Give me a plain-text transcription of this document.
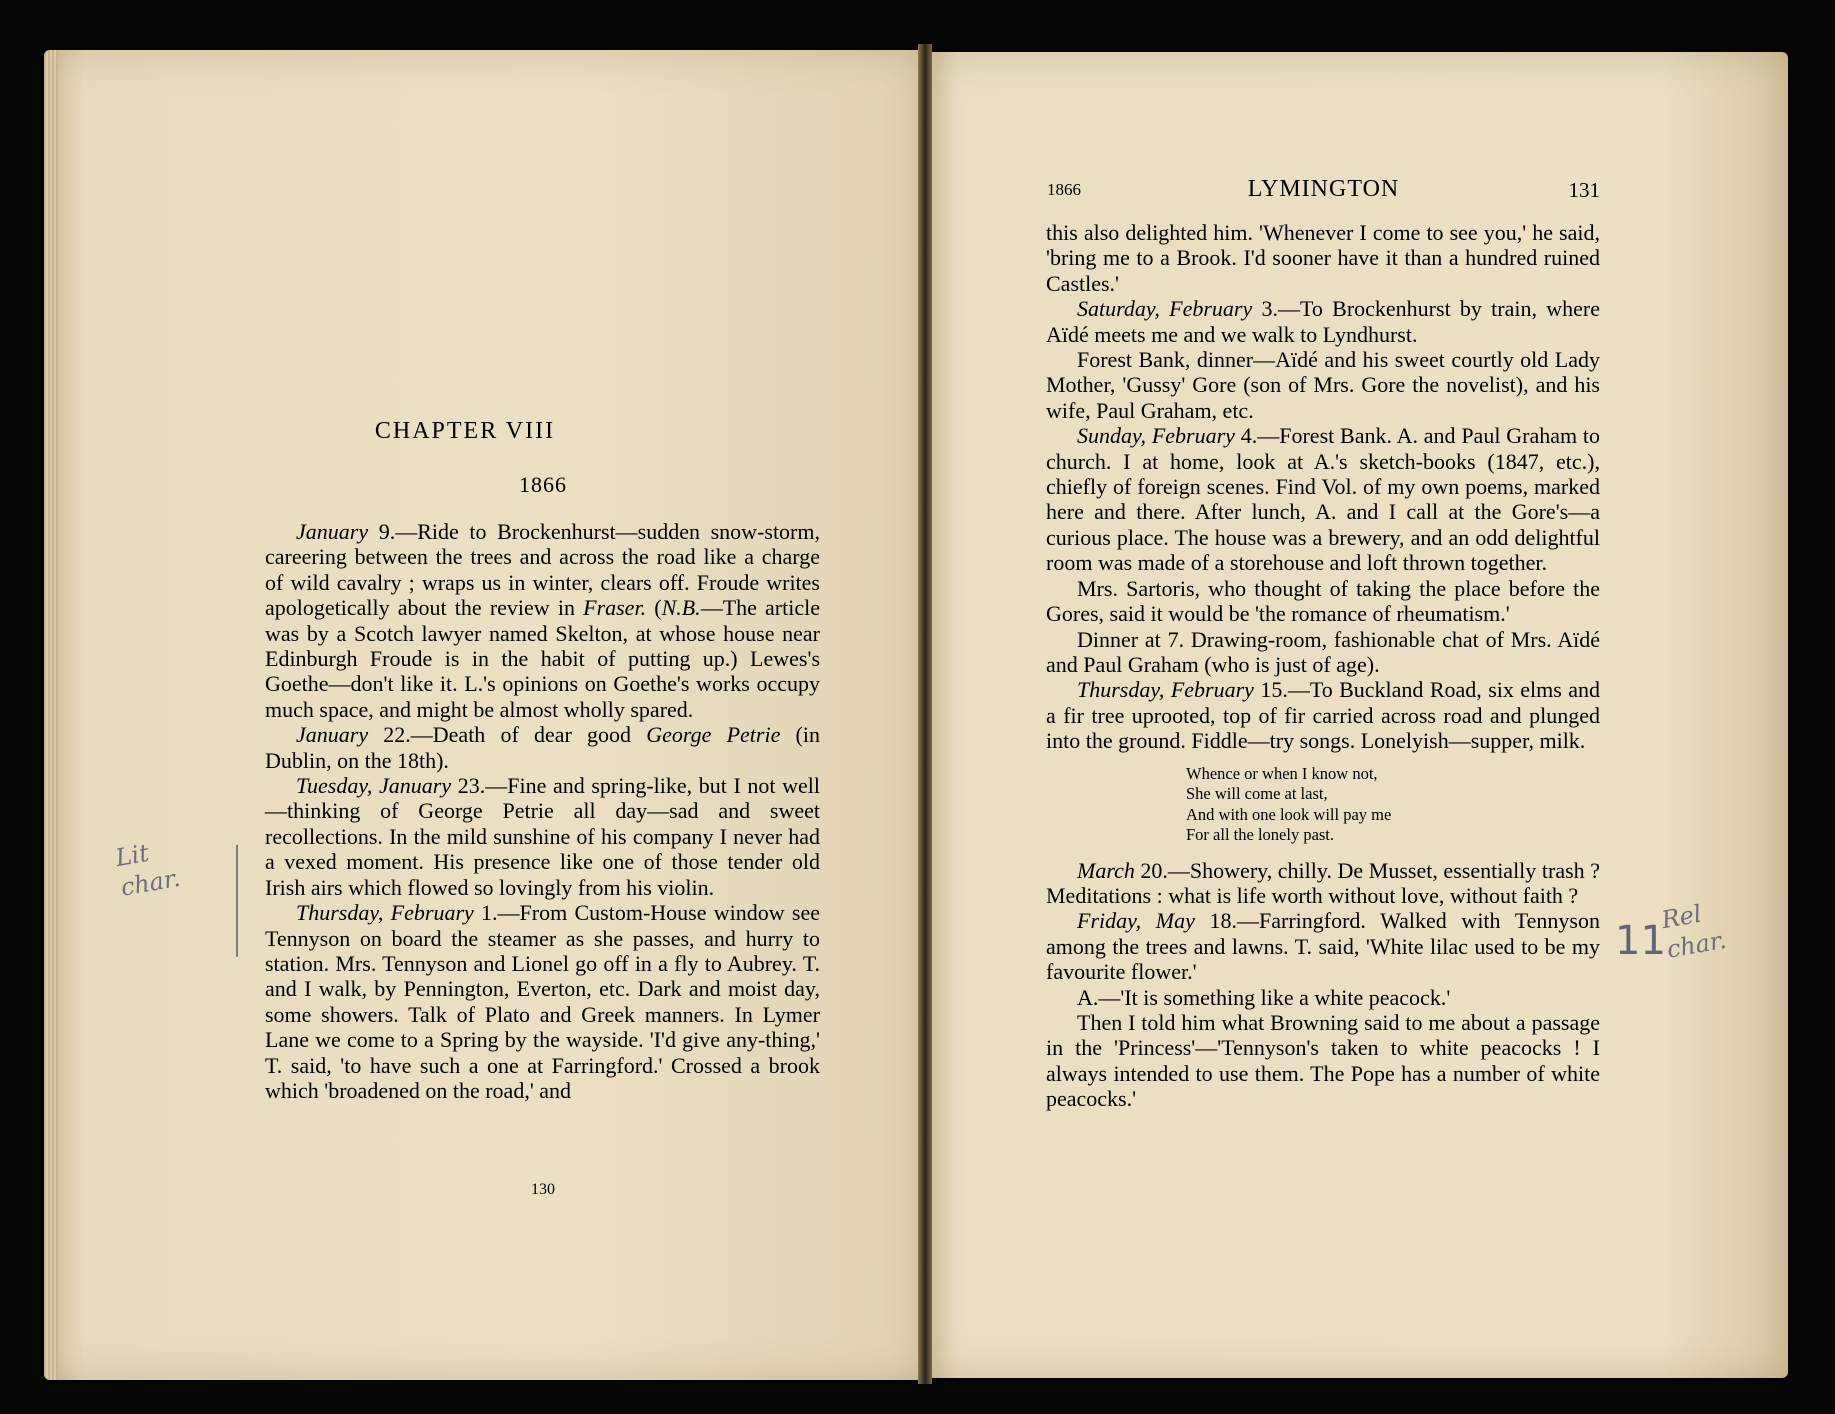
CHAPTER VIII
1866

January 9.—Ride to Brockenhurst—sudden snow-storm, careering between the trees and across the road like a charge of wild cavalry ; wraps us in winter, clears off. Froude writes apologetically about the review in Fraser. (N.B.—The article was by a Scotch lawyer named Skelton, at whose house near Edinburgh Froude is in the habit of putting up.) Lewes's Goethe—don't like it. L.'s opinions on Goethe's works occupy much space, and might be almost wholly spared.

January 22.—Death of dear good George Petrie (in Dublin, on the 18th).

Tuesday, January 23.—Fine and spring-like, but I not well—thinking of George Petrie all day—sad and sweet recollections. In the mild sunshine of his company I never had a vexed moment. His presence like one of those tender old Irish airs which flowed so lovingly from his violin.

Thursday, February 1.—From Custom-House window see Tennyson on board the steamer as she passes, and hurry to station. Mrs. Tennyson and Lionel go off in a fly to Aubrey. T. and I walk, by Pennington, Everton, etc. Dark and moist day, some showers. Talk of Plato and Greek manners. In Lymer Lane we come to a Spring by the wayside. 'I'd give any-thing,' T. said, 'to have such a one at Farringford.' Crossed a brook which 'broadened on the road,' and

130
Lit
char.
1866	LYMINGTON	131

this also delighted him. 'Whenever I come to see you,' he said, 'bring me to a Brook. I'd sooner have it than a hundred ruined Castles.'

Saturday, February 3.—To Brockenhurst by train, where Aïdé meets me and we walk to Lyndhurst.

Forest Bank, dinner—Aïdé and his sweet courtly old Lady Mother, 'Gussy' Gore (son of Mrs. Gore the novelist), and his wife, Paul Graham, etc.

Sunday, February 4.—Forest Bank. A. and Paul Graham to church. I at home, look at A.'s sketch-books (1847, etc.), chiefly of foreign scenes. Find Vol. of my own poems, marked here and there. After lunch, A. and I call at the Gore's—a curious place. The house was a brewery, and an odd delightful room was made of a storehouse and loft thrown together.

Mrs. Sartoris, who thought of taking the place before the Gores, said it would be 'the romance of rheumatism.'

Dinner at 7. Drawing-room, fashionable chat of Mrs. Aïdé and Paul Graham (who is just of age).

Thursday, February 15.—To Buckland Road, six elms and a fir tree uprooted, top of fir carried across road and plunged into the ground. Fiddle—try songs. Lonelyish—supper, milk.

Whence or when I know not,
She will come at last,
And with one look will pay me
For all the lonely past.

March 20.—Showery, chilly. De Musset, essentially trash ? Meditations : what is life worth without love, without faith ?

Friday, May 18.—Farringford. Walked with Tennyson among the trees and lawns. T. said, 'White lilac used to be my favourite flower.'

A.—'It is something like a white peacock.'

Then I told him what Browning said to me about a passage in the 'Princess'—'Tennyson's taken to white peacocks ! I always intended to use them. The Pope has a number of white peacocks.'

11
Rel
char.
